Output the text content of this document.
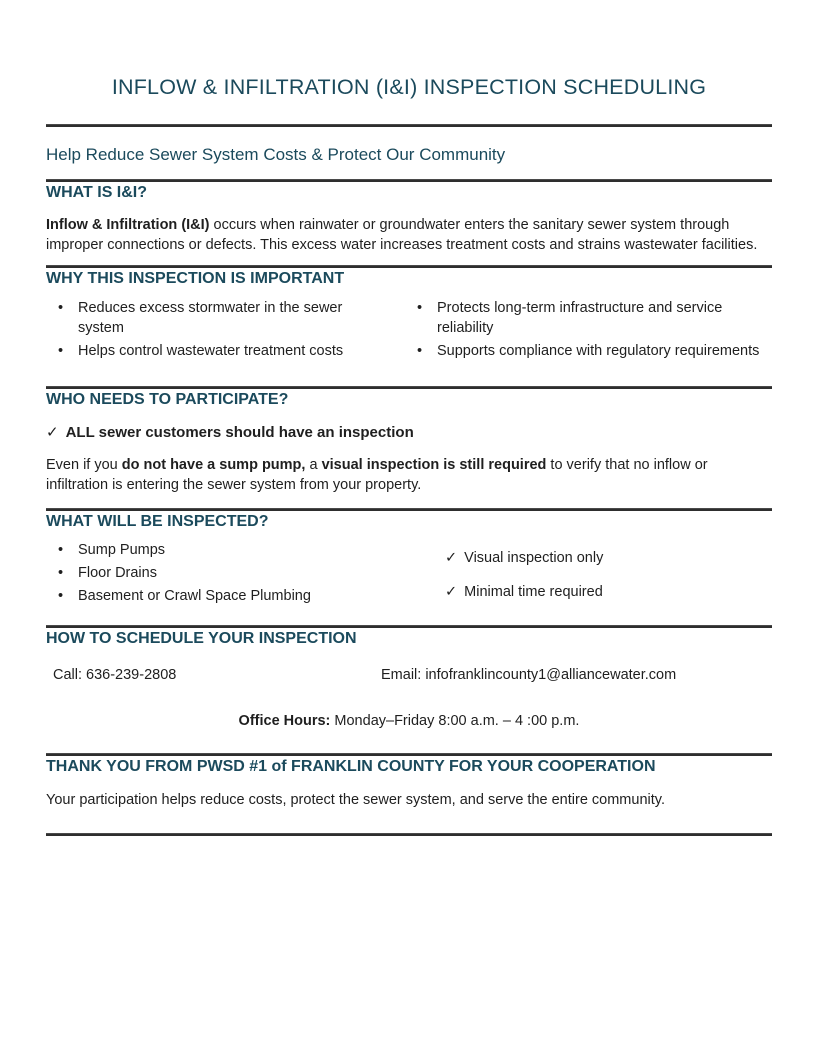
INFLOW & INFILTRATION (I&I) INSPECTION SCHEDULING
Help Reduce Sewer System Costs & Protect Our Community
WHAT IS I&I?

Inflow & Infiltration (I&I) occurs when rainwater or groundwater enters the sanitary sewer system through improper connections or defects. This excess water increases treatment costs and strains wastewater facilities.

WHY THIS INSPECTION IS IMPORTANT
•	Reduces excess stormwater in the sewer system
•	Helps control wastewater treatment costs
•	Protects long-term infrastructure and service reliability
•	Supports compliance with regulatory requirements
WHO NEEDS TO PARTICIPATE?
✓ ALL sewer customers should have an inspection

Even if you do not have a sump pump, a visual inspection is still required to verify that no inflow or infiltration is entering the sewer system from your property.

WHAT WILL BE INSPECTED?
•	Sump Pumps
•	Floor Drains
•	Basement or Crawl Space Plumbing
✓ Visual inspection only
✓ Minimal time required
HOW TO SCHEDULE YOUR INSPECTION
Call: 636-239-2808	Email: infofranklincounty1@alliancewater.com
Office Hours: Monday–Friday 8:00 a.m. – 4 :00 p.m.
THANK YOU FROM PWSD #1 of FRANKLIN COUNTY FOR YOUR COOPERATION

Your participation helps reduce costs, protect the sewer system, and serve the entire community.
